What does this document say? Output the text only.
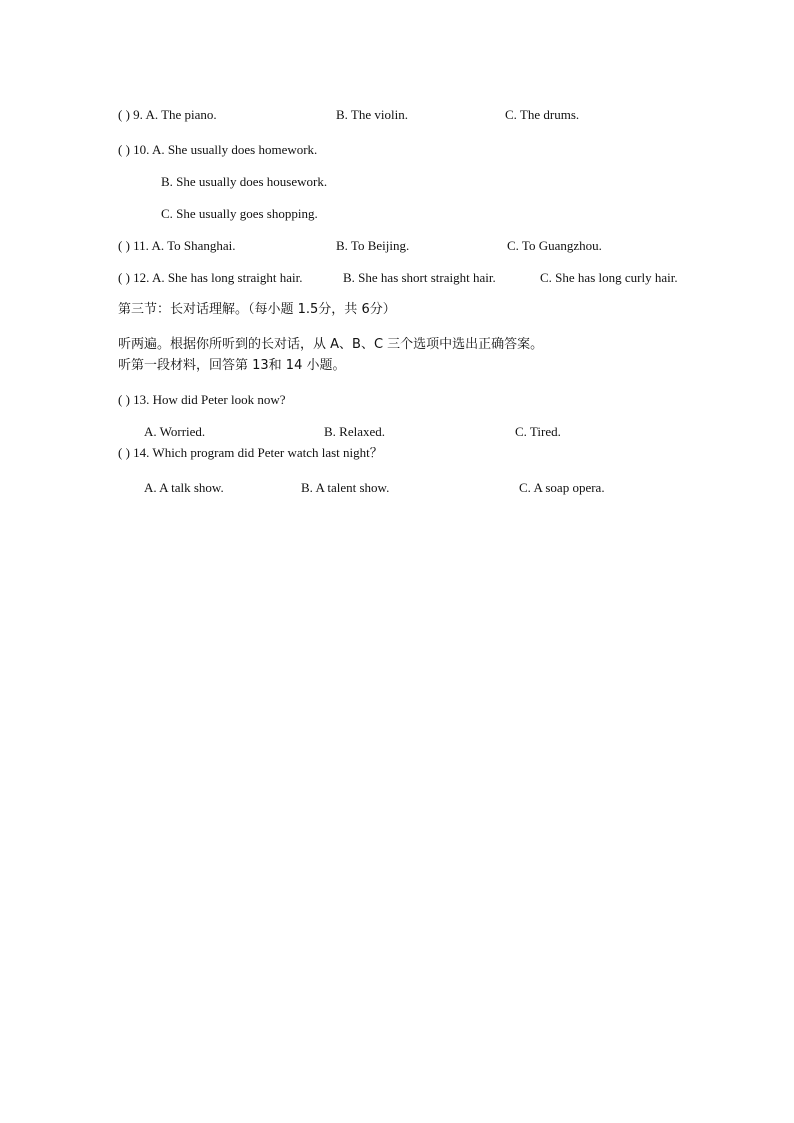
( ) 9. A. The piano.	B. The violin.	C. The drums.
( ) 10. A. She usually does homework.
B. She usually does housework.
C. She usually goes shopping.
( ) 11. A. To Shanghai.	B. To Beijing.	C. To Guangzhou.
( ) 12. A. She has long straight hair.	B. She has short straight hair.	C. She has long curly hair.
第三节：长对话理解。（每小题 1.5分，共 6分）
听两遍。根据你所听到的长对话，从 A、B、C 三个选项中选出正确答案。
听第一段材料，回答第 13和 14 小题。
( ) 13. How did Peter look now?
A. Worried.	B. Relaxed.	C. Tired.
( ) 14. Which program did Peter watch last night？
A. A talk show.	B. A talent show.	C. A soap opera.
